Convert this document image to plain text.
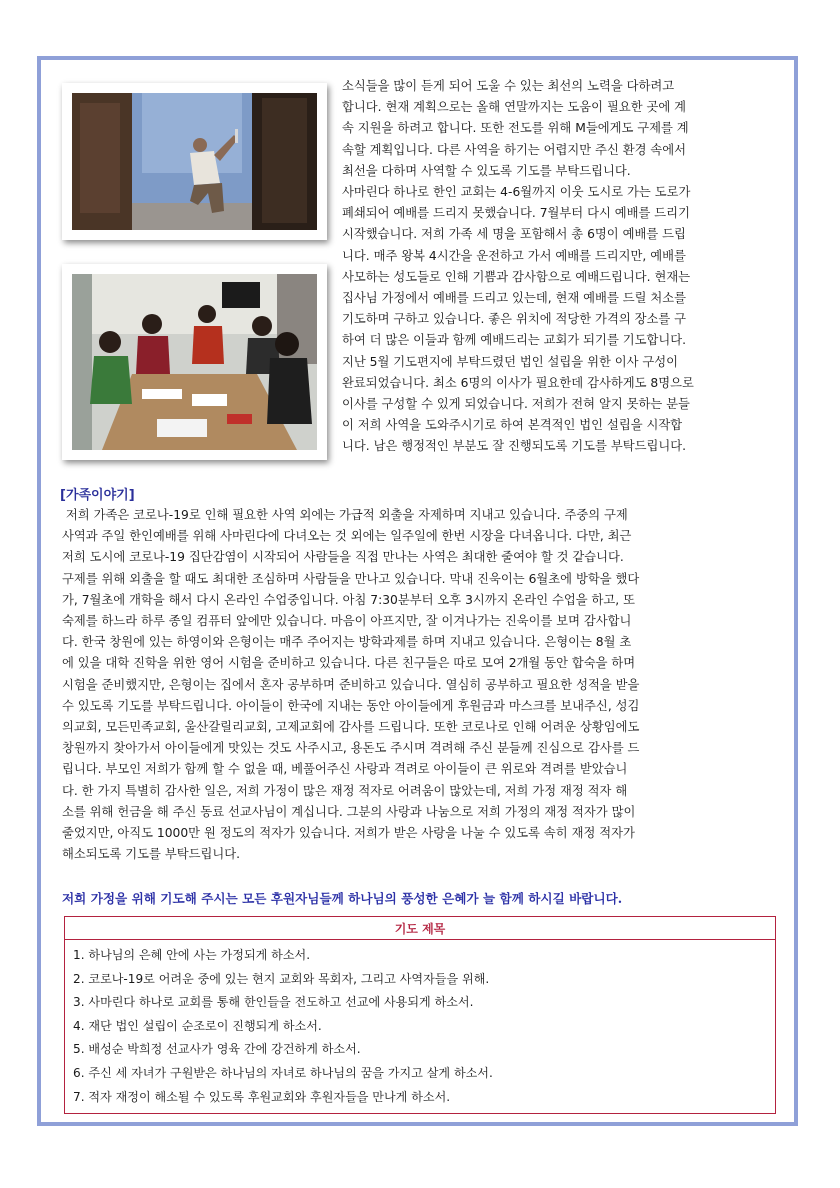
소식들을 많이 듣게 되어 도울 수 있는 최선의 노력을 다하려고
합니다. 현재 계획으로는 올해 연말까지는 도움이 필요한 곳에 계
속 지원을 하려고 합니다. 또한 전도를 위해 M들에게도 구제를 계
속할 계획입니다. 다른 사역을 하기는 어렵지만 주신 환경 속에서
최선을 다하며 사역할 수 있도록 기도를 부탁드립니다.
사마린다 하나로 한인 교회는 4-6월까지 이웃 도시로 가는 도로가
폐쇄되어 예배를 드리지 못했습니다. 7월부터 다시 예배를 드리기
시작했습니다. 저희 가족 세 명을 포함해서 총 6명이 예배를 드립
니다. 매주 왕복 4시간을 운전하고 가서 예배를 드리지만, 예배를
사모하는 성도들로 인해 기쁨과 감사함으로 예배드립니다. 현재는
집사님 가정에서 예배를 드리고 있는데, 현재 예배를 드릴 처소를
기도하며 구하고 있습니다. 좋은 위치에 적당한 가격의 장소를 구
하여 더 많은 이들과 함께 예배드리는 교회가 되기를 기도합니다.
지난 5월 기도편지에 부탁드렸던 법인 설립을 위한 이사 구성이
완료되었습니다. 최소 6명의 이사가 필요한데 감사하게도 8명으로
이사를 구성할 수 있게 되었습니다. 저희가 전혀 알지 못하는 분들
이 저희 사역을 도와주시기로 하여 본격적인 법인 설립을 시작합
니다. 남은 행정적인 부분도 잘 진행되도록 기도를 부탁드립니다.
[가족이야기]
저희 가족은 코로나-19로 인해 필요한 사역 외에는 가급적 외출을 자제하며 지내고 있습니다. 주중의 구제
사역과 주일 한인예배를 위해 사마린다에 다녀오는 것 외에는 일주일에 한번 시장을 다녀옵니다. 다만, 최근
저희 도시에 코로나-19 집단감염이 시작되어 사람들을 직접 만나는 사역은 최대한 줄여야 할 것 같습니다.
구제를 위해 외출을 할 때도 최대한 조심하며 사람들을 만나고 있습니다. 막내 진욱이는 6월초에 방학을 했다
가, 7월초에 개학을 해서 다시 온라인 수업중입니다. 아침 7:30분부터 오후 3시까지 온라인 수업을 하고, 또
숙제를 하느라 하루 종일 컴퓨터 앞에만 있습니다. 마음이 아프지만, 잘 이겨나가는 진욱이를 보며 감사합니
다. 한국 창원에 있는 하영이와 은형이는 매주 주어지는 방학과제를 하며 지내고 있습니다. 은형이는 8월 초
에 있을 대학 진학을 위한 영어 시험을 준비하고 있습니다. 다른 친구들은 따로 모여 2개월 동안 합숙을 하며
시험을 준비했지만, 은형이는 집에서 혼자 공부하며 준비하고 있습니다. 열심히 공부하고 필요한 성적을 받을
수 있도록 기도를 부탁드립니다. 아이들이 한국에 지내는 동안 아이들에게 후원금과 마스크를 보내주신, 성김
의교회, 모든민족교회, 울산갈릴리교회, 고제교회에 감사를 드립니다. 또한 코로나로 인해 어려운 상황임에도
창원까지 찾아가서 아이들에게 맛있는 것도 사주시고, 용돈도 주시며 격려해 주신 분들께 진심으로 감사를 드
립니다. 부모인 저희가 함께 할 수 없을 때, 베풀어주신 사랑과 격려로 아이들이 큰 위로와 격려를 받았습니
다. 한 가지 특별히 감사한 일은, 저희 가정이 많은 재정 적자로 어려움이 많았는데, 저희 가정 재정 적자 해
소를 위해 헌금을 해 주신 동료 선교사님이 계십니다. 그분의 사랑과 나눔으로 저희 가정의 재정 적자가 많이
줄었지만, 아직도 1000만 원 정도의 적자가 있습니다. 저희가 받은 사랑을 나눌 수 있도록 속히 재정 적자가
해소되도록 기도를 부탁드립니다.
저희 가정을 위해 기도해 주시는 모든 후원자님들께 하나님의 풍성한 은혜가 늘 함께 하시길 바랍니다.
기도 제목

1. 하나님의 은혜 안에 사는 가정되게 하소서.
2. 코로나-19로 어려운 중에 있는 현지 교회와 목회자, 그리고 사역자들을 위해.
3. 사마린다 하나로 교회를 통해 한인들을 전도하고 선교에 사용되게 하소서.
4. 재단 법인 설립이 순조로이 진행되게 하소서.
5. 배성순 박희정 선교사가 영육 간에 강건하게 하소서.
6. 주신 세 자녀가 구원받은 하나님의 자녀로 하나님의 꿈을 가지고 살게 하소서.
7. 적자 재정이 해소될 수 있도록 후원교회와 후원자들을 만나게 하소서.
